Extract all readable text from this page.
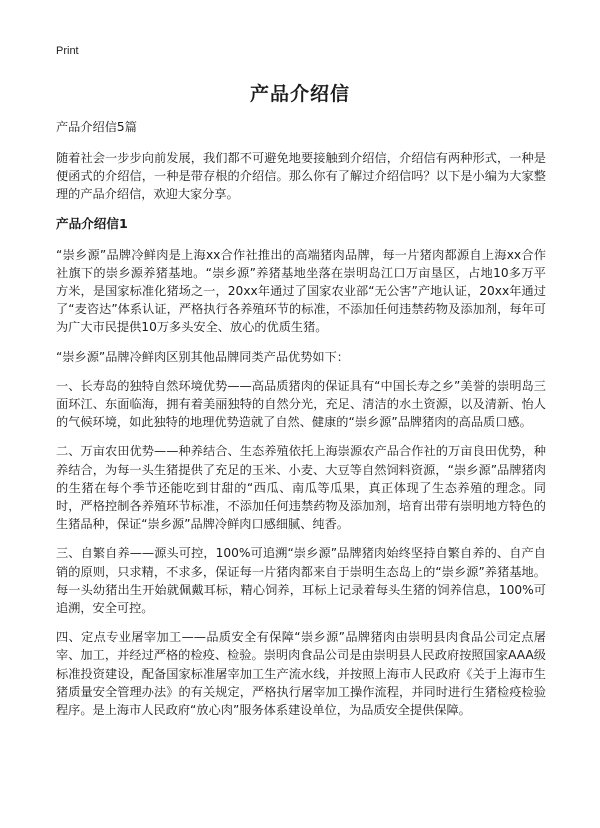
Print
产品介绍信

产品介绍信5篇

随着社会一步步向前发展，我们都不可避免地要接触到介绍信，介绍信有两种形式，一种是便函式的介绍信，一种是带存根的介绍信。那么你有了解过介绍信吗？以下是小编为大家整理的产品介绍信，欢迎大家分享。

产品介绍信1

“崇乡源”品牌冷鲜肉是上海xx合作社推出的高端猪肉品牌，每一片猪肉都源自上海xx合作社旗下的崇乡源养猪基地。“崇乡源”养猪基地坐落在崇明岛江口万亩垦区，占地10多万平方米，是国家标准化猪场之一，20xx年通过了国家农业部“无公害”产地认证，20xx年通过了“麦咨达”体系认证，严格执行各养殖环节的标准，不添加任何违禁药物及添加剂，每年可为广大市民提供10万多头安全、放心的优质生猪。

“崇乡源”品牌冷鲜肉区别其他品牌同类产品优势如下：

一、长寿岛的独特自然环境优势——高品质猪肉的保证具有“中国长寿之乡”美誉的崇明岛三面环江、东面临海，拥有着美丽独特的自然分光，充足、清洁的水土资源，以及清新、怡人的气候环境，如此独特的地理优势造就了自然、健康的“崇乡源”品牌猪肉的高品质口感。

二、万亩农田优势——种养结合、生态养殖依托上海崇源农产品合作社的万亩良田优势，种养结合，为每一头生猪提供了充足的玉米、小麦、大豆等自然饲料资源，“崇乡源”品牌猪肉的生猪在每个季节还能吃到甘甜的“西瓜、南瓜等瓜果，真正体现了生态养殖的理念。同时，严格控制各养殖环节标准，不添加任何违禁药物及添加剂，培育出带有崇明地方特色的生猪品种，保证“崇乡源”品牌冷鲜肉口感细腻、纯香。

三、自繁自养——源头可控，100%可追溯“崇乡源”品牌猪肉始终坚持自繁自养的、自产自销的原则，只求精，不求多，保证每一片猪肉都来自于崇明生态岛上的“崇乡源”养猪基地。每一头幼猪出生开始就佩戴耳标，精心饲养，耳标上记录着每头生猪的饲养信息，100%可追溯，安全可控。

四、定点专业屠宰加工——品质安全有保障“崇乡源”品牌猪肉由崇明县肉食品公司定点屠宰、加工，并经过严格的检疫、检验。崇明肉食品公司是由崇明县人民政府按照国家AAA级标准投资建设，配备国家标准屠宰加工生产流水线，并按照上海市人民政府《关于上海市生猪质量安全管理办法》的有关规定，严格执行屠宰加工操作流程，并同时进行生猪检疫检验程序。是上海市人民政府“放心肉”服务体系建设单位，为品质安全提供保障。
